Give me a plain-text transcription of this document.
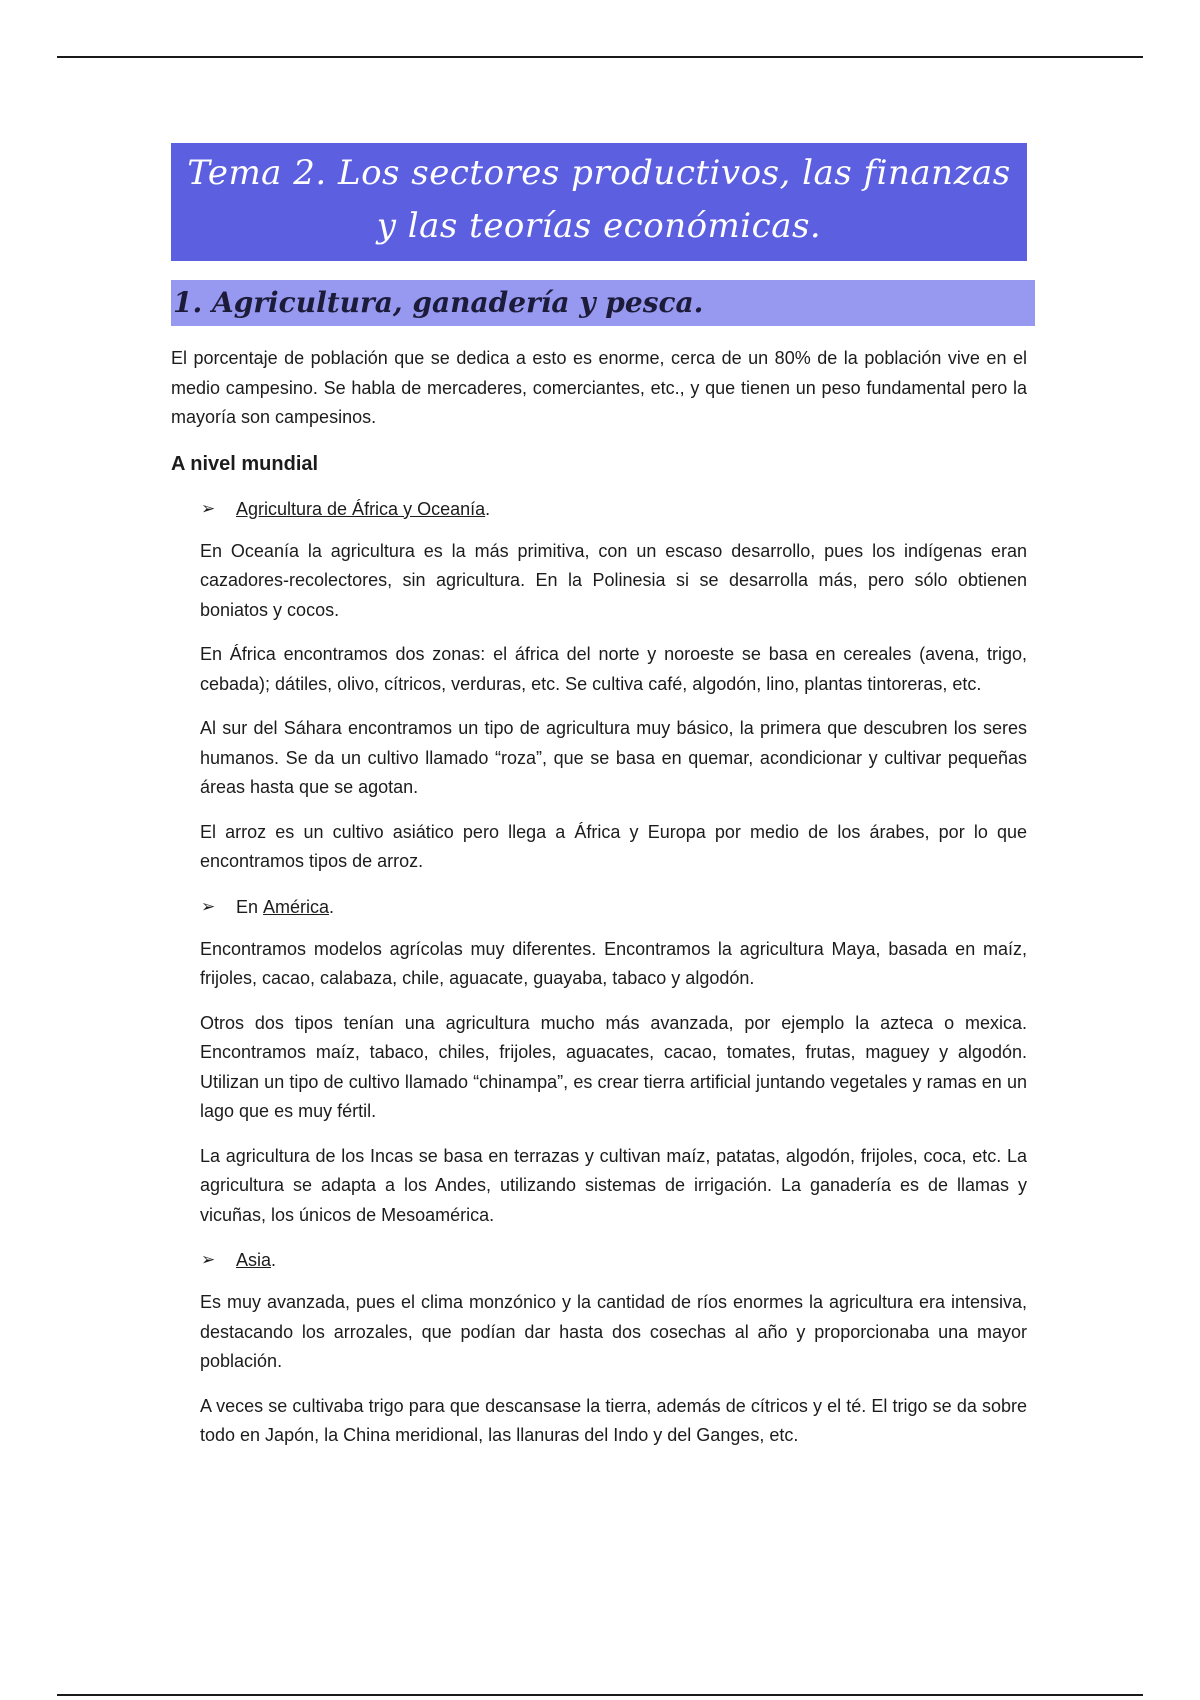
Tema 2. Los sectores productivos, las finanzas y las teorías económicas.
1. Agricultura, ganadería y pesca.

El porcentaje de población que se dedica a esto es enorme, cerca de un 80% de la población vive en el medio campesino. Se habla de mercaderes, comerciantes, etc., y que tienen un peso fundamental pero la mayoría son campesinos.

A nivel mundial
➢	Agricultura de África y Oceanía .

En Oceanía la agricultura es la más primitiva, con un escaso desarrollo, pues los indígenas eran cazadores-recolectores, sin agricultura. En la Polinesia si se desarrolla más, pero sólo obtienen boniatos y cocos.

En África encontramos dos zonas: el áfrica del norte y noroeste se basa en cereales (avena, trigo, cebada); dátiles, olivo, cítricos, verduras, etc. Se cultiva café, algodón, lino, plantas tintoreras, etc.

Al sur del Sáhara encontramos un tipo de agricultura muy básico, la primera que descubren los seres humanos. Se da un cultivo llamado “roza”, que se basa en quemar, acondicionar y cultivar pequeñas áreas hasta que se agotan.

El arroz es un cultivo asiático pero llega a África y Europa por medio de los árabes, por lo que encontramos tipos de arroz.

➢	En América .

Encontramos modelos agrícolas muy diferentes. Encontramos la agricultura Maya, basada en maíz, frijoles, cacao, calabaza, chile, aguacate, guayaba, tabaco y algodón.

Otros dos tipos tenían una agricultura mucho más avanzada, por ejemplo la azteca o mexica. Encontramos maíz, tabaco, chiles, frijoles, aguacates, cacao, tomates, frutas, maguey y algodón. Utilizan un tipo de cultivo llamado “chinampa”, es crear tierra artificial juntando vegetales y ramas en un lago que es muy fértil.

La agricultura de los Incas se basa en terrazas y cultivan maíz, patatas, algodón, frijoles, coca, etc. La agricultura se adapta a los Andes, utilizando sistemas de irrigación. La ganadería es de llamas y vicuñas, los únicos de Mesoamérica.

➢	Asia .

Es muy avanzada, pues el clima monzónico y la cantidad de ríos enormes la agricultura era intensiva, destacando los arrozales, que podían dar hasta dos cosechas al año y proporcionaba una mayor población.

A veces se cultivaba trigo para que descansase la tierra, además de cítricos y el té. El trigo se da sobre todo en Japón, la China meridional, las llanuras del Indo y del Ganges, etc.
